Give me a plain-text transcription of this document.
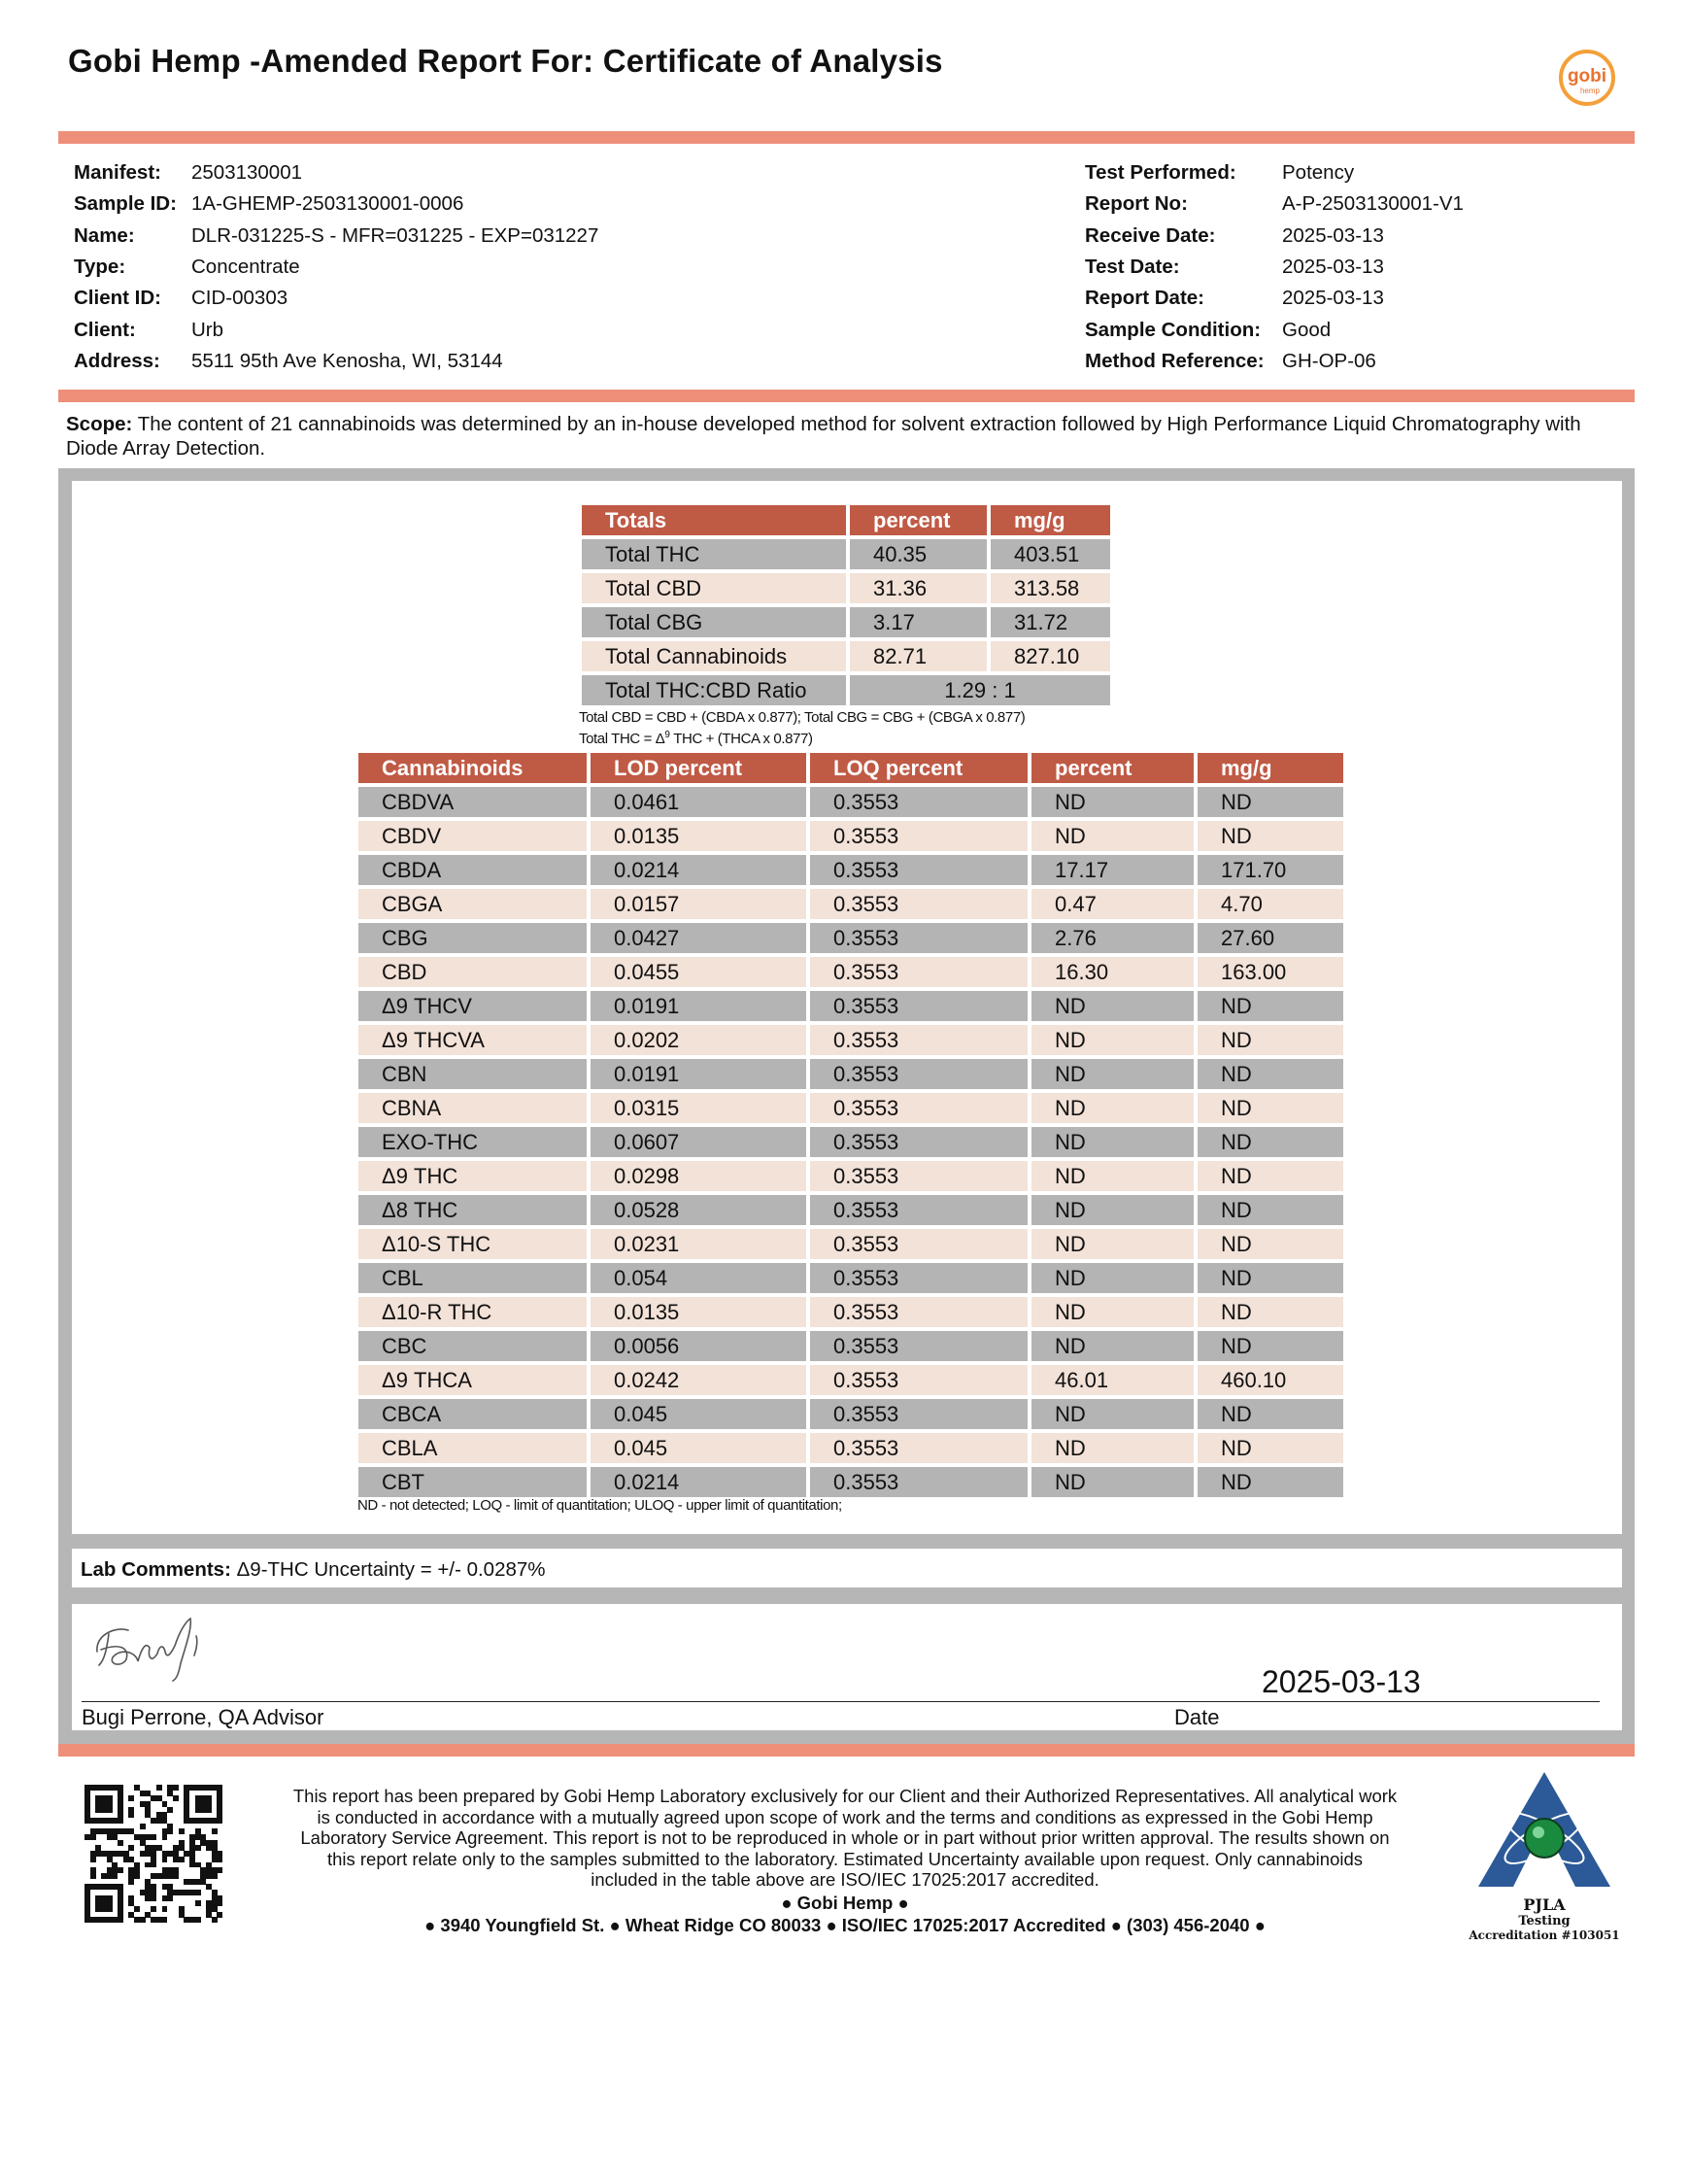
Gobi Hemp -Amended Report For: Certificate of Analysis	gobi
hemp
Manifest:	2503130001
Sample ID:	1A-GHEMP-2503130001-0006
Name:	DLR-031225-S - MFR=031225 - EXP=031227
Type:	Concentrate
Client ID:	CID-00303
Client:	Urb
Address:	5511 95th Ave Kenosha, WI, 53144
Test Performed:	Potency
Report No:	A-P-2503130001-V1
Receive Date:	2025-03-13
Test Date:	2025-03-13
Report Date:	2025-03-13
Sample Condition:	Good
Method Reference:	GH-OP-06
Scope: The content of 21 cannabinoids was determined by an in-house developed method for solvent extraction followed by High Performance Liquid Chromatography with Diode Array Detection.
Totals	percent	mg/g
Total THC	40.35	403.51
Total CBD	31.36	313.58
Total CBG	3.17	31.72
Total Cannabinoids	82.71	827.10
Total THC:CBD Ratio	1.29 : 1	
Total CBD = CBD + (CBDA x 0.877); Total CBG = CBG + (CBGA x 0.877)
Total THC = $\Delta^9$ THC + (THCA x 0.877)
Cannabinoids	LOD percent	LOQ percent	percent	mg/g
CBDVA	0.0461	0.3553	ND	ND
CBDV	0.0135	0.3553	ND	ND
CBDA	0.0214	0.3553	17.17	171.70
CBGA	0.0157	0.3553	0.47	4.70
CBG	0.0427	0.3553	2.76	27.60
CBD	0.0455	0.3553	16.30	163.00
Δ9 THCV	0.0191	0.3553	ND	ND
Δ9 THCVA	0.0202	0.3553	ND	ND
CBN	0.0191	0.3553	ND	ND
CBNA	0.0315	0.3553	ND	ND
EXO-THC	0.0607	0.3553	ND	ND
Δ9 THC	0.0298	0.3553	ND	ND
Δ8 THC	0.0528	0.3553	ND	ND
Δ10-S THC	0.0231	0.3553	ND	ND
CBL	0.054	0.3553	ND	ND
Δ10-R THC	0.0135	0.3553	ND	ND
CBC	0.0056	0.3553	ND	ND
Δ9 THCA	0.0242	0.3553	46.01	460.10
CBCA	0.045	0.3553	ND	ND
CBLA	0.045	0.3553	ND	ND
CBT	0.0214	0.3553	ND	ND
ND - not detected; LOQ - limit of quantitation; ULOQ - upper limit of quantitation;
Lab Comments: Δ9-THC Uncertainty = +/- 0.0287%
2025-03-13
Bugi Perrone, QA Advisor	Date
This report has been prepared by Gobi Hemp Laboratory exclusively for our Client and their Authorized Representatives. All analytical work is conducted in accordance with a mutually agreed upon scope of work and the terms and conditions as expressed in the Gobi Hemp Laboratory Service Agreement. This report is not to be reproduced in whole or in part without prior written approval. The results shown on this report relate only to the samples submitted to the laboratory. Estimated Uncertainty available upon request. Only cannabinoids included in the table above are ISO/IEC 17025:2017 accredited.
● Gobi Hemp ●
● 3940 Youngfield St. ● Wheat Ridge CO 80033 ● ISO/IEC 17025:2017 Accredited ● (303) 456-2040 ●
PJLA
Testing
Accreditation #103051
